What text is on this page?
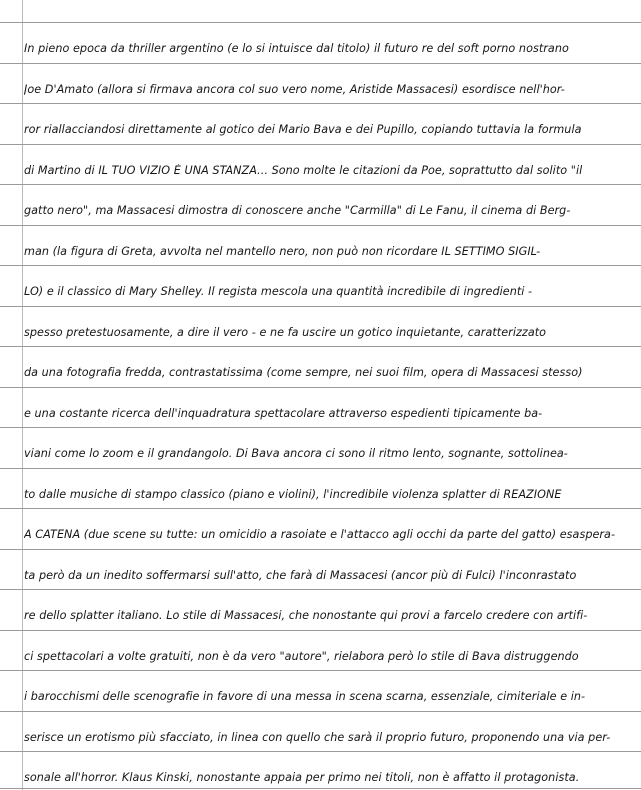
In pieno epoca da thriller argentino (e lo si intuisce dal titolo) il futuro re del soft porno nostrano
Joe D'Amato (allora si firmava ancora col suo vero nome, Aristide Massacesi) esordisce nell'hor-
ror riallacciandosi direttamente al gotico dei Mario Bava e dei Pupillo, copiando tuttavia la formula
di Martino di IL TUO VIZIO È UNA STANZA... Sono molte le citazioni da Poe, soprattutto dal solito "il
gatto nero", ma Massacesi dimostra di conoscere anche "Carmilla" di Le Fanu, il cinema di Berg-
man (la figura di Greta, avvolta nel mantello nero, non può non ricordare IL SETTIMO SIGIL-
LO) e il classico di Mary Shelley. Il regista mescola una quantità incredibile di ingredienti -
spesso pretestuosamente, a dire il vero - e ne fa uscire un gotico inquietante, caratterizzato
da una fotografia fredda, contrastatissima (come sempre, nei suoi film, opera di Massacesi stesso)
e una costante ricerca dell'inquadratura spettacolare attraverso espedienti tipicamente ba-
viani come lo zoom e il grandangolo. Di Bava ancora ci sono il ritmo lento, sognante, sottolinea-
to dalle musiche di stampo classico (piano e violini), l'incredibile violenza splatter di REAZIONE
A CATENA (due scene su tutte: un omicidio a rasoiate e l'attacco agli occhi da parte del gatto) esaspera-
ta però da un inedito soffermarsi sull'atto, che farà di Massacesi (ancor più di Fulci) l'inconrastato
re dello splatter italiano. Lo stile di Massacesi, che nonostante qui provi a farcelo credere con artifi-
ci spettacolari a volte gratuiti, non è da vero "autore", rielabora però lo stile di Bava distruggendo
i barocchismi delle scenografie in favore di una messa in scena scarna, essenziale, cimiteriale e in-
serisce un erotismo più sfacciato, in linea con quello che sarà il proprio futuro, proponendo una via per-
sonale all'horror. Klaus Kinski, nonostante appaia per primo nei titoli, non è affatto il protagonista.
